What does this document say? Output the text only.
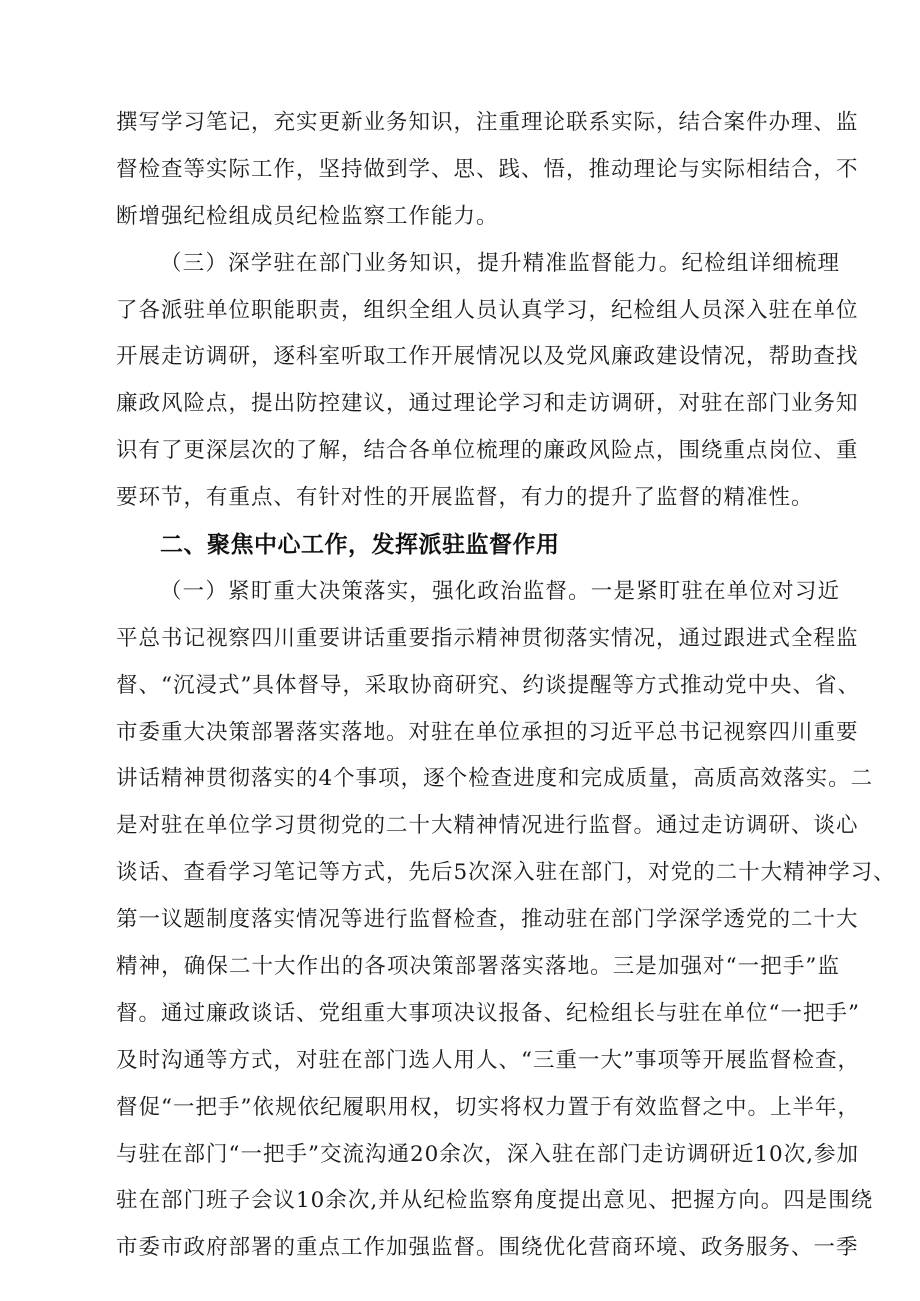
撰写学习笔记，充实更新业务知识，注重理论联系实际，结合案件办理、监
督检查等实际工作，坚持做到学、思、践、悟，推动理论与实际相结合，不
断增强纪检组成员纪检监察工作能力。
（三）深学驻在部门业务知识，提升精准监督能力。纪检组详细梳理
了各派驻单位职能职责，组织全组人员认真学习，纪检组人员深入驻在单位
开展走访调研，逐科室听取工作开展情况以及党风廉政建设情况，帮助查找
廉政风险点，提出防控建议，通过理论学习和走访调研，对驻在部门业务知
识有了更深层次的了解，结合各单位梳理的廉政风险点，围绕重点岗位、重
要环节，有重点、有针对性的开展监督，有力的提升了监督的精准性。
二、聚焦中心工作，发挥派驻监督作用
（一）紧盯重大决策落实，强化政治监督。一是紧盯驻在单位对习近
平总书记视察四川重要讲话重要指示精神贯彻落实情况，通过跟进式全程监
督、“沉浸式”具体督导，采取协商研究、约谈提醒等方式推动党中央、省、
市委重大决策部署落实落地。对驻在单位承担的习近平总书记视察四川重要
讲话精神贯彻落实的4个事项，逐个检查进度和完成质量，高质高效落实。二
是对驻在单位学习贯彻党的二十大精神情况进行监督。通过走访调研、谈心
谈话、查看学习笔记等方式，先后5次深入驻在部门，对党的二十大精神学习、
第一议题制度落实情况等进行监督检查，推动驻在部门学深学透党的二十大
精神，确保二十大作出的各项决策部署落实落地。三是加强对“一把手”监
督。通过廉政谈话、党组重大事项决议报备、纪检组长与驻在单位“一把手”
及时沟通等方式，对驻在部门选人用人、“三重一大”事项等开展监督检查，
督促“一把手”依规依纪履职用权，切实将权力置于有效监督之中。上半年，
与驻在部门“一把手”交流沟通20余次，深入驻在部门走访调研近10次,参加
驻在部门班子会议10余次,并从纪检监察角度提出意见、把握方向。四是围绕
市委市政府部署的重点工作加强监督。围绕优化营商环境、政务服务、一季
